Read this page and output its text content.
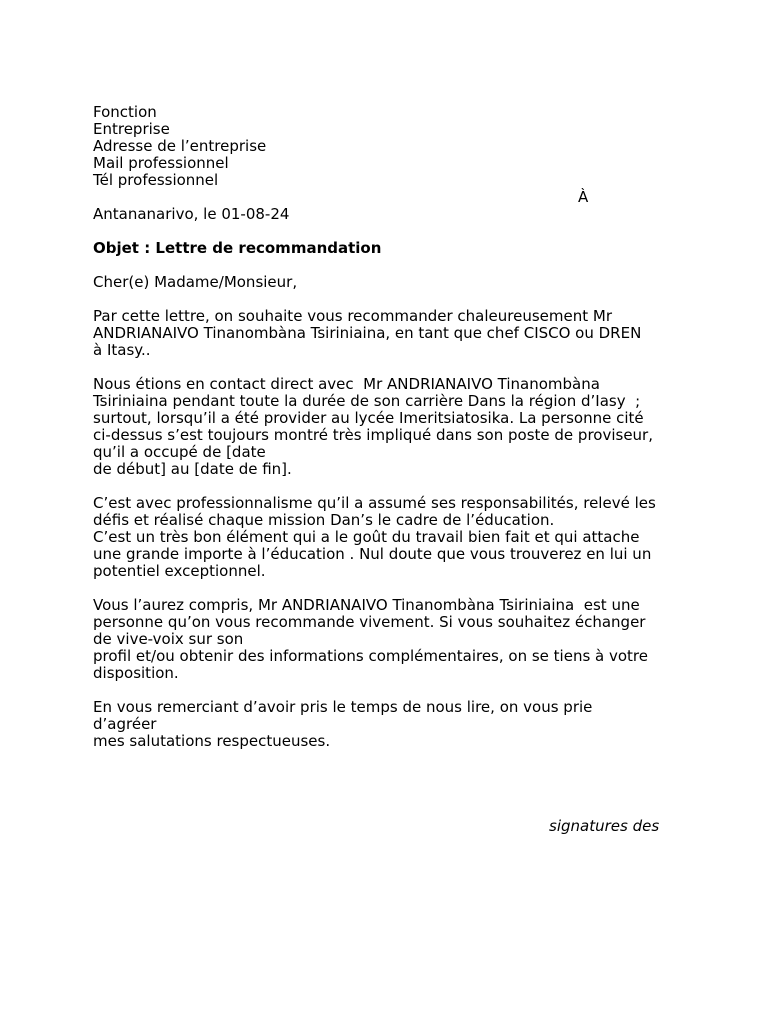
Fonction
Entreprise
Adresse de l’entreprise
Mail professionnel
Tél professionnel
À
Antananarivo, le 01-08-24
Objet : Lettre de recommandation
Cher(e) Madame/Monsieur,
Par cette lettre, on souhaite vous recommander chaleureusement Mr
ANDRIANAIVO Tinanombàna Tsiriniaina, en tant que chef CISCO ou DREN
à Itasy..
Nous étions en contact direct avec  Mr ANDRIANAIVO Tinanombàna
Tsiriniaina pendant toute la durée de son carrière Dans la région d’Iasy  ;
surtout, lorsqu’il a été provider au lycée Imeritsiatosika. La personne cité
ci-dessus s’est toujours montré très impliqué dans son poste de proviseur,
qu’il a occupé de [date
de début] au [date de fin].
C’est avec professionnalisme qu’il a assumé ses responsabilités, relevé les
défis et réalisé chaque mission Dan’s le cadre de l’éducation.
C’est un très bon élément qui a le goût du travail bien fait et qui attache
une grande importe à l’éducation . Nul doute que vous trouverez en lui un
potentiel exceptionnel.
Vous l’aurez compris, Mr ANDRIANAIVO Tinanombàna Tsiriniaina  est une
personne qu’on vous recommande vivement. Si vous souhaitez échanger
de vive-voix sur son
profil et/ou obtenir des informations complémentaires, on se tiens à votre
disposition.
En vous remerciant d’avoir pris le temps de nous lire, on vous prie
d’agréer
mes salutations respectueuses.
signatures des
